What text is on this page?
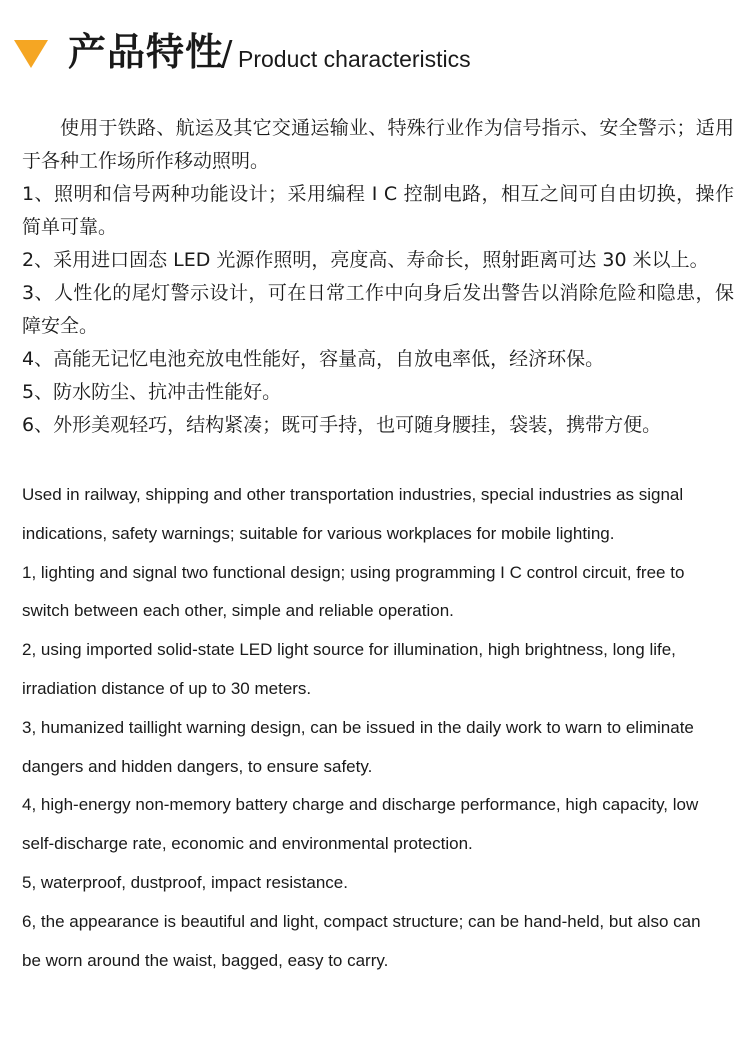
产品特性
/ Product characteristics

使用于铁路、航运及其它交通运输业、特殊行业作为信号指示、安全警示；适用于各种工作场所作移动照明。

1、照明和信号两种功能设计；采用编程 I C 控制电路，相互之间可自由切换，操作简单可靠。

2、采用进口固态 LED 光源作照明，亮度高、寿命长，照射距离可达 30 米以上。

3、人性化的尾灯警示设计，可在日常工作中向身后发出警告以消除危险和隐患，保障安全。

4、高能无记忆电池充放电性能好，容量高，自放电率低，经济环保。

5、防水防尘、抗冲击性能好。

6、外形美观轻巧，结构紧凑；既可手持，也可随身腰挂，袋装，携带方便。

Used in railway, shipping and other transportation industries, special industries as signal indications, safety warnings; suitable for various workplaces for mobile lighting.

1, lighting and signal two functional design; using programming I C control circuit, free to switch between each other, simple and reliable operation.

2, using imported solid-state LED light source for illumination, high brightness, long life, irradiation distance of up to 30 meters.

3, humanized taillight warning design, can be issued in the daily work to warn to eliminate dangers and hidden dangers, to ensure safety.

4, high-energy non-memory battery charge and discharge performance, high capacity, low self-discharge rate, economic and environmental protection.

5, waterproof, dustproof, impact resistance.

6, the appearance is beautiful and light, compact structure; can be hand-held, but also can be worn around the waist, bagged, easy to carry.
